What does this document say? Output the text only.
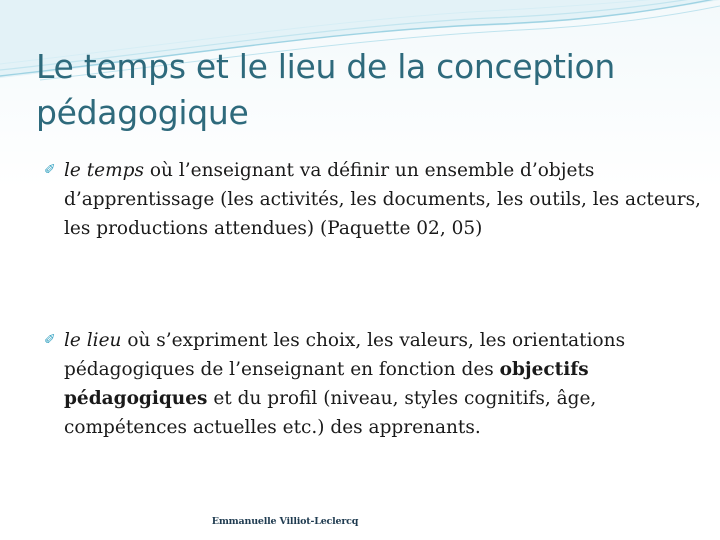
Le temps et le lieu de la conception
pédagogique

✐ le temps où l’enseignant va définir un ensemble d’objets d’apprentissage (les activités, les documents, les outils, les acteurs, les productions attendues) (Paquette 02, 05)

✐ le lieu où s’expriment les choix, les valeurs, les orientations pédagogiques de l’enseignant en fonction des objectifs pédagogiques et du profil (niveau, styles cognitifs, âge, compétences actuelles etc.) des apprenants.

Emmanuelle Villiot-Leclercq
